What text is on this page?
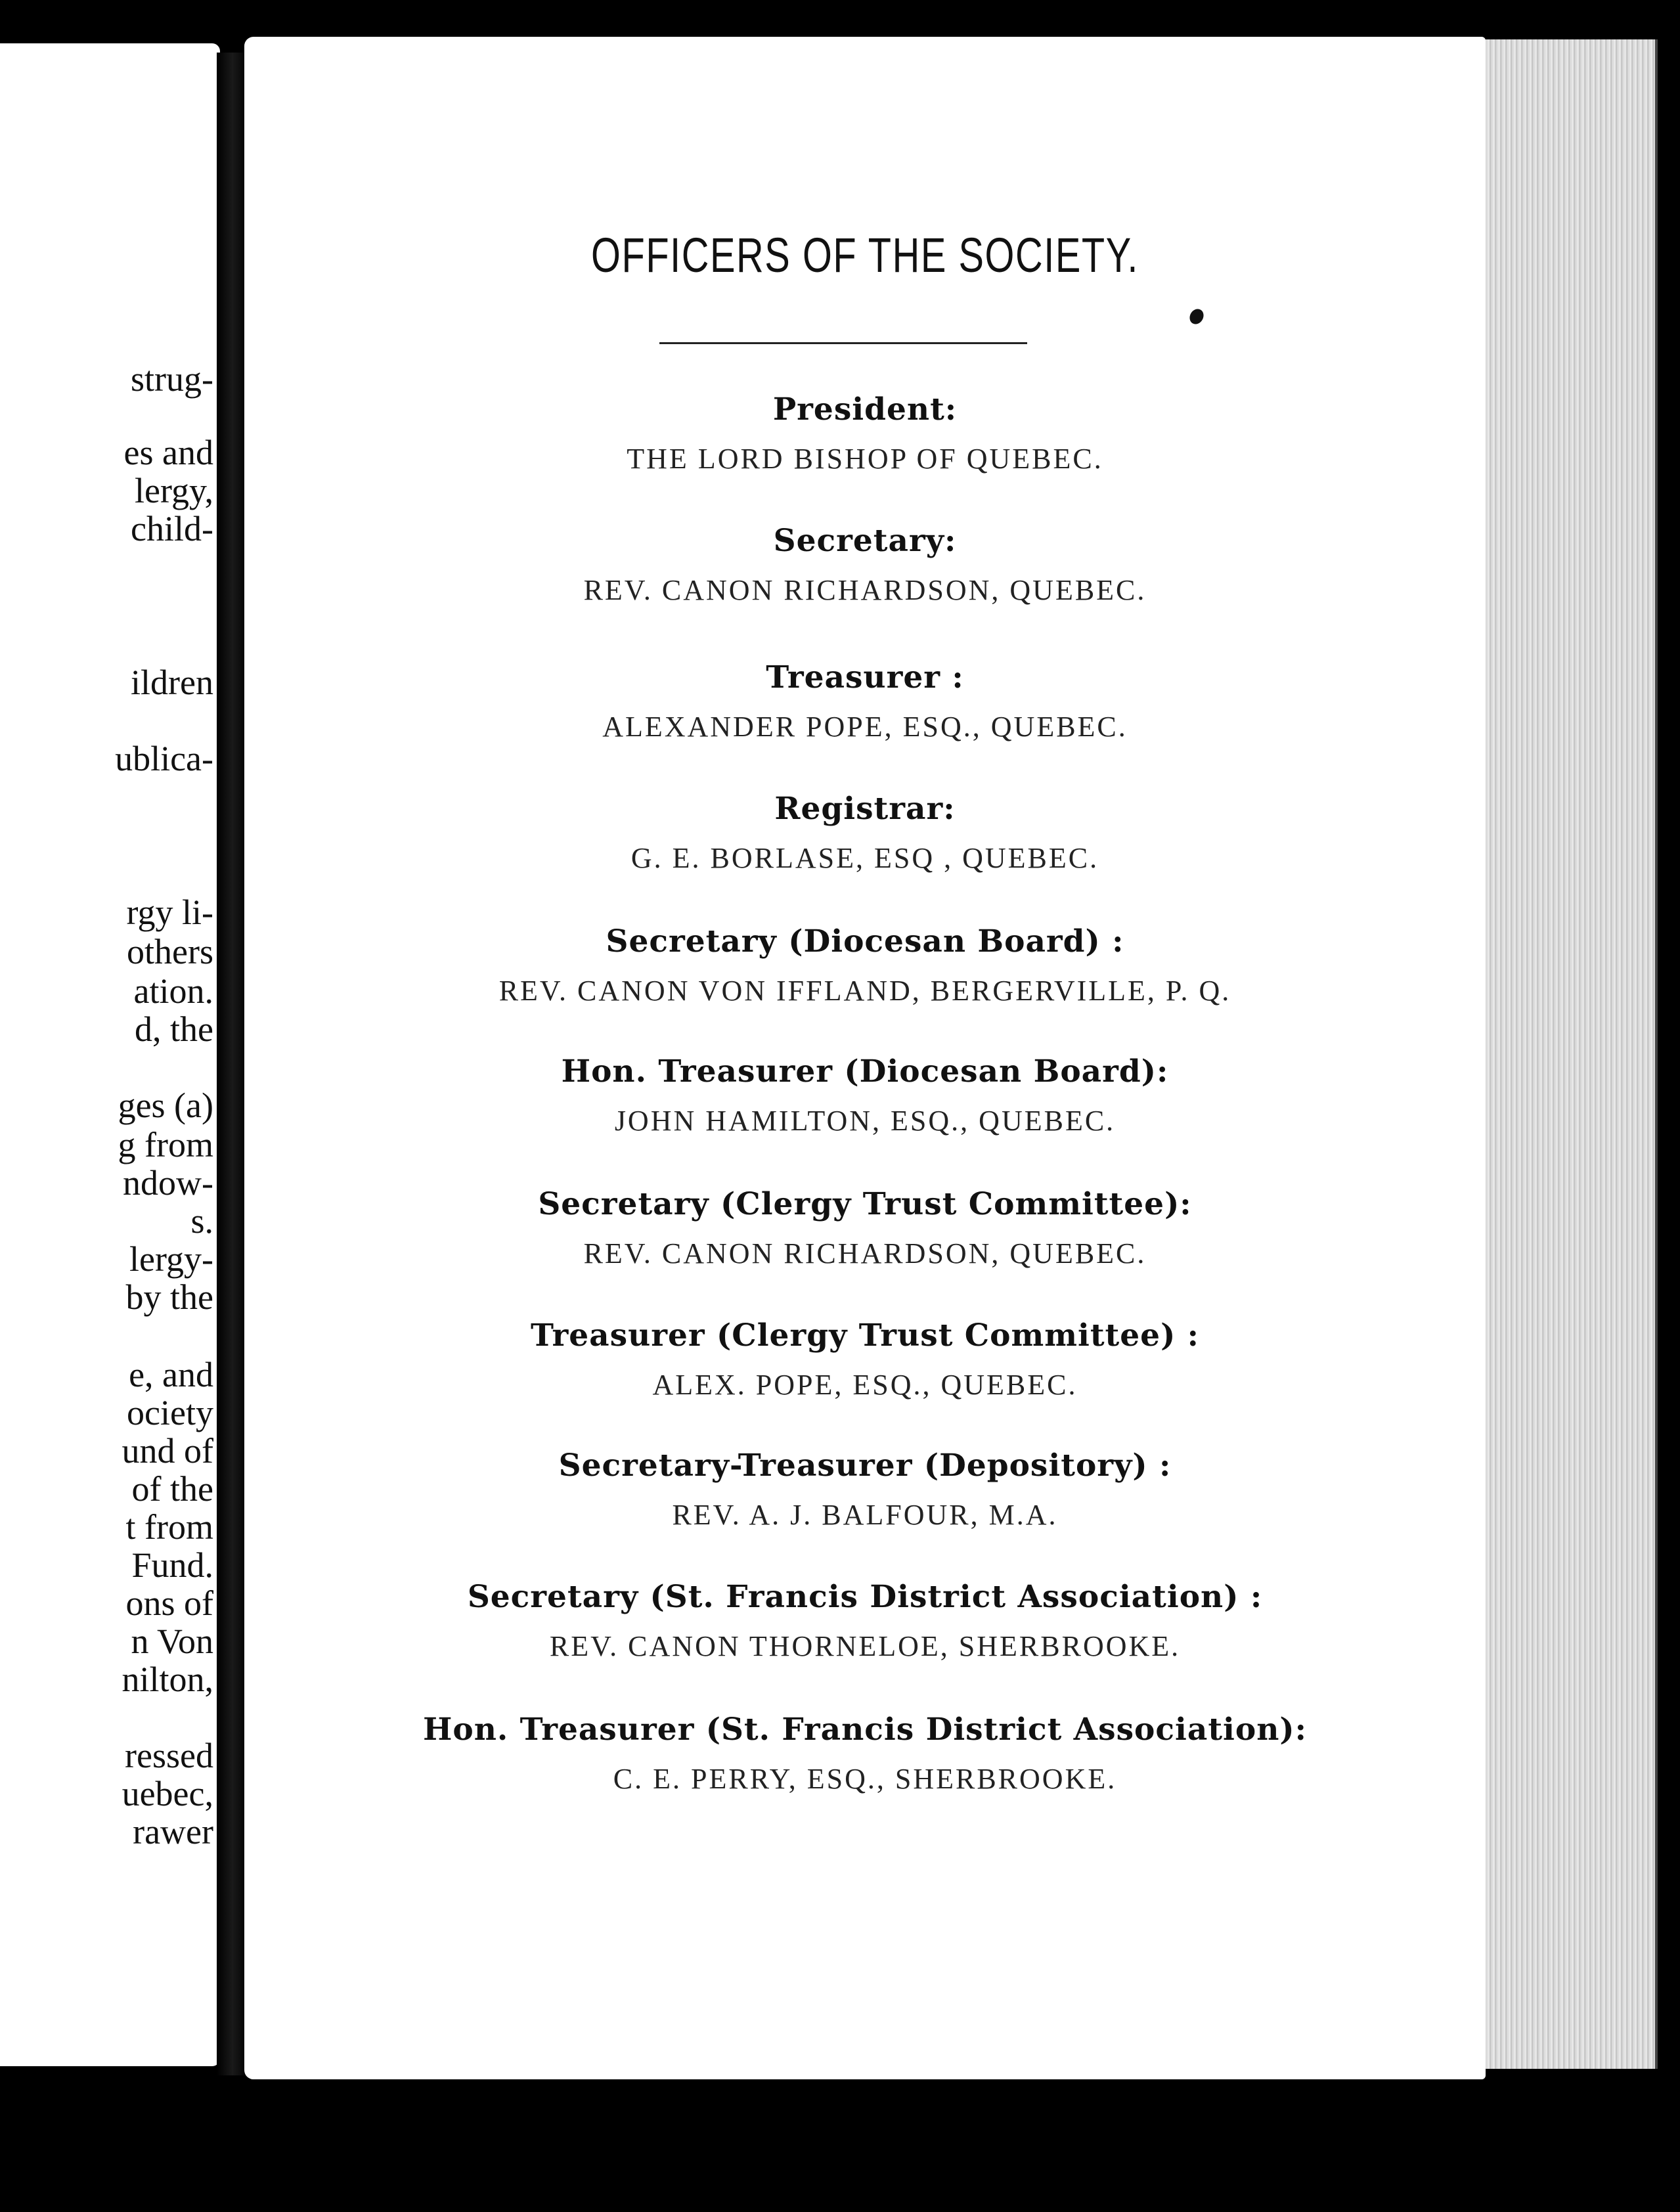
strug-
es and
lergy,
child-
ildren
ublica-
rgy li-
others
ation.
d, the
ges (a)
g from
ndow-
s.
lergy-
by the
e, and
ociety
und of
of the
t from
Fund.
ons of
n Von
nilton,
ressed
uebec,
rawer
OFFICERS OF THE SOCIETY.
President:
THE LORD BISHOP OF QUEBEC.
Secretary:
REV. CANON RICHARDSON, QUEBEC.
Treasurer :
ALEXANDER POPE, ESQ., QUEBEC.
Registrar:
G. E. BORLASE, ESQ , QUEBEC.
Secretary (Diocesan Board) :
REV. CANON VON IFFLAND, BERGERVILLE, P. Q.
Hon. Treasurer (Diocesan Board):
JOHN HAMILTON, ESQ., QUEBEC.
Secretary (Clergy Trust Committee):
REV. CANON RICHARDSON, QUEBEC.
Treasurer (Clergy Trust Committee) :
ALEX. POPE, ESQ., QUEBEC.
Secretary-Treasurer (Depository) :
REV. A. J. BALFOUR, M.A.
Secretary (St. Francis District Association) :
REV. CANON THORNELOE, SHERBROOKE.
Hon. Treasurer (St. Francis District Association):
C. E. PERRY, ESQ., SHERBROOKE.
